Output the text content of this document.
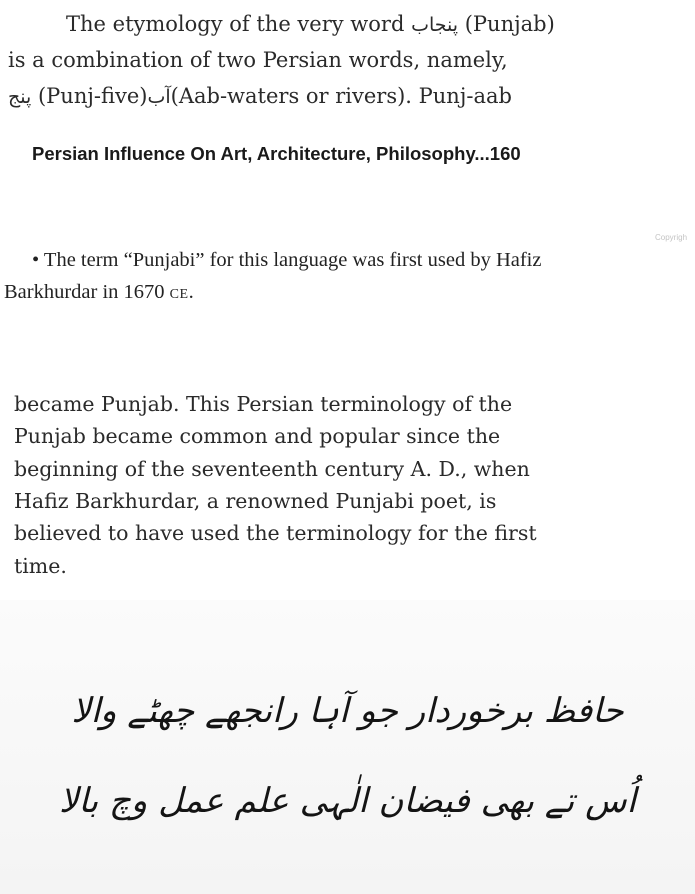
The etymology of the very word پنجاب (Punjab)
is a combination of two Persian words, namely,
پنج (Punj-five)آب(Aab-waters or rivers). Punj-aab
Persian Influence On Art, Architecture, Philosophy...160
Copyrigh
• The term “Punjabi” for this language was first used by Hafiz
Barkhurdar in 1670 CE.
became Punjab. This Persian terminology of the
Punjab became common and popular since the
beginning of the seventeenth century A. D., when
Hafiz Barkhurdar, a renowned Punjabi poet, is
believed to have used the terminology for the first
time.
حافظ برخوردار جو آہا رانجھے چھٹے والا
اُس تے بھی فیضان الٰہی علم عمل وچ بالا
